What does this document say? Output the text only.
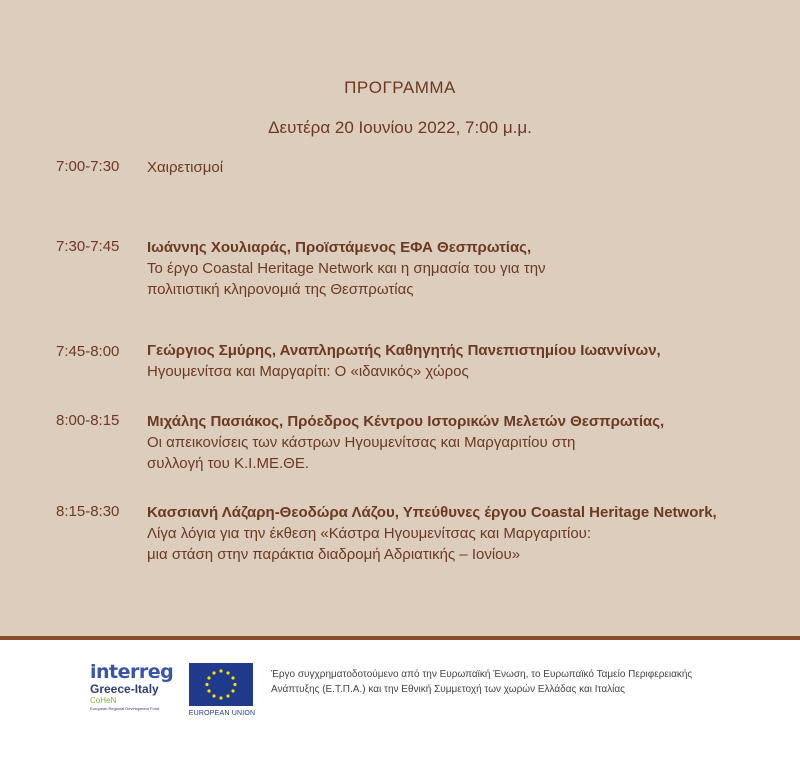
ΠΡΟΓΡΑΜΜΑ
Δευτέρα 20 Ιουνίου 2022, 7:00 μ.μ.
7:00-7:30 Χαιρετισμοί
7:30-7:45 Ιωάννης Χουλιαράς, Προϊστάμενος ΕΦΑ Θεσπρωτίας,
Το έργο Coastal Heritage Network και η σημασία του για την
πολιτιστική κληρονομιά της Θεσπρωτίας
7:45-8:00 Γεώργιος Σμύρης, Αναπληρωτής Καθηγητής Πανεπιστημίου Ιωαννίνων,
Ηγουμενίτσα και Μαργαρίτι: Ο «ιδανικός» χώρος
8:00-8:15 Μιχάλης Πασιάκος, Πρόεδρος Κέντρου Ιστορικών Μελετών Θεσπρωτίας,
Οι απεικονίσεις των κάστρων Ηγουμενίτσας και Μαργαριτίου στη
συλλογή του Κ.Ι.ΜΕ.ΘΕ.
8:15-8:30 Κασσιανή Λάζαρη-Θεοδώρα Λάζου, Υπεύθυνες έργου Coastal Heritage Network,
Λίγα λόγια για την έκθεση «Κάστρα Ηγουμενίτσας και Μαργαριτίου:
μια στάση στην παράκτια διαδρομή Αδριατικής – Ιονίου»
interreg
Greece-Italy
CoHeN
European Regional Development Fund
EUROPEAN UNION
Έργο συγχρηματοδοτούμενο από την Ευρωπαϊκή Ένωση, το Ευρωπαϊκό Ταμείο Περιφερειακής
Ανάπτυξης (Ε.Τ.Π.Α.) και την Εθνική Συμμετοχή των χωρών Ελλάδας και Ιταλίας
